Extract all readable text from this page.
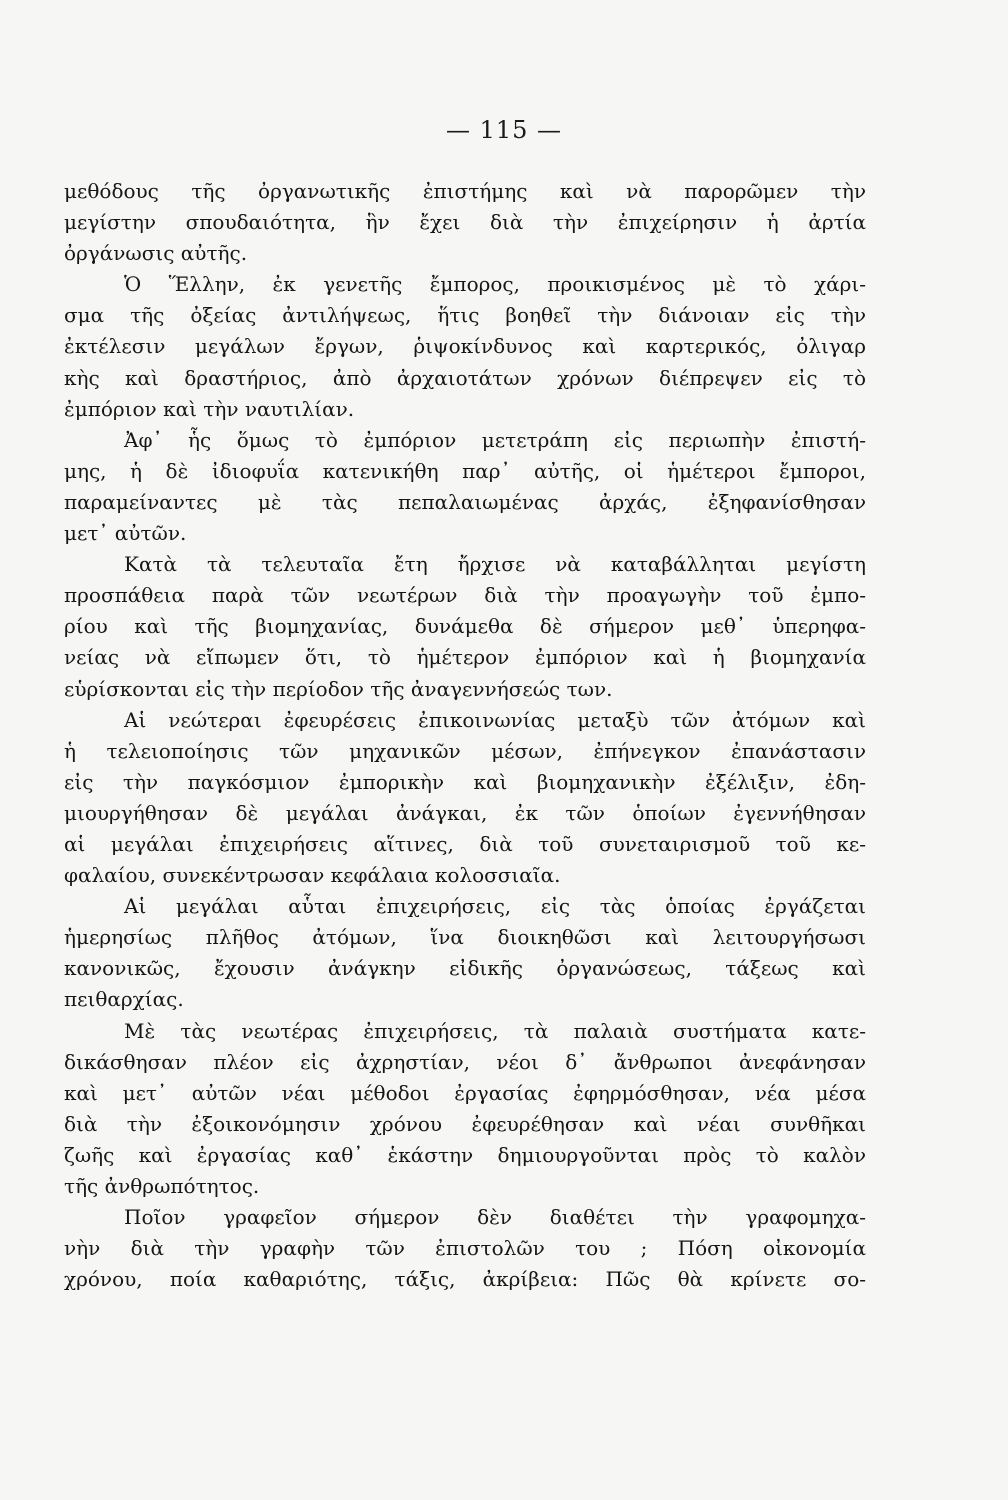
— 115 —
μεθόδους τῆς ὀργανωτικῆς ἐπιστήμης καὶ νὰ παρορῶμεν τὴν
μεγίστην σπουδαιότητα, ἣν ἔχει διὰ τὴν ἐπιχείρησιν ἡ ἀρτία
ὀργάνωσις αὐτῆς.
Ὁ Ἕλλην, ἐκ γενετῆς ἔμπορος, προικισμένος μὲ τὸ χάρι-
σμα τῆς ὀξείας ἀντιλήψεως, ἥτις βοηθεῖ τὴν διάνοιαν εἰς τὴν
ἐκτέλεσιν μεγάλων ἔργων, ῥιψοκίνδυνος καὶ καρτερικός, ὀλιγαρ
κὴς καὶ δραστήριος, ἀπὸ ἀρχαιοτάτων χρόνων διέπρεψεν εἰς τὸ
ἐμπόριον καὶ τὴν ναυτιλίαν.
Ἀφ᾽ ἧς ὅμως τὸ ἐμπόριον μετετράπη εἰς περιωπὴν ἐπιστή-
μης, ἡ δὲ ἰδιοφυΐα κατενικήθη παρ᾽ αὐτῆς, οἱ ἡμέτεροι ἔμποροι,
παραμείναντες μὲ τὰς πεπαλαιωμένας ἀρχάς, ἐξηφανίσθησαν
μετ᾽ αὐτῶν.
Κατὰ τὰ τελευταῖα ἔτη ἤρχισε νὰ καταβάλληται μεγίστη
προσπάθεια παρὰ τῶν νεωτέρων διὰ τὴν προαγωγὴν τοῦ ἐμπο-
ρίου καὶ τῆς βιομηχανίας, δυνάμεθα δὲ σήμερον μεθ᾽ ὑπερηφα-
νείας νὰ εἴπωμεν ὅτι, τὸ ἡμέτερον ἐμπόριον καὶ ἡ βιομηχανία
εὑρίσκονται εἰς τὴν περίοδον τῆς ἀναγεννήσεώς των.
Αἱ νεώτεραι ἐφευρέσεις ἐπικοινωνίας μεταξὺ τῶν ἀτόμων καὶ
ἡ τελειοποίησις τῶν μηχανικῶν μέσων, ἐπήνεγκον ἐπανάστασιν
εἰς τὴν παγκόσμιον ἐμπορικὴν καὶ βιομηχανικὴν ἐξέλιξιν, ἐδη-
μιουργήθησαν δὲ μεγάλαι ἀνάγκαι, ἐκ τῶν ὁποίων ἐγεννήθησαν
αἱ μεγάλαι ἐπιχειρήσεις αἵτινες, διὰ τοῦ συνεταιρισμοῦ τοῦ κε-
φαλαίου, συνεκέντρωσαν κεφάλαια κολοσσιαῖα.
Αἱ μεγάλαι αὗται ἐπιχειρήσεις, εἰς τὰς ὁποίας ἐργάζεται
ἡμερησίως πλῆθος ἀτόμων, ἵνα διοικηθῶσι καὶ λειτουργήσωσι
κανονικῶς, ἔχουσιν ἀνάγκην εἰδικῆς ὀργανώσεως, τάξεως καὶ
πειθαρχίας.
Μὲ τὰς νεωτέρας ἐπιχειρήσεις, τὰ παλαιὰ συστήματα κατε-
δικάσθησαν πλέον εἰς ἀχρηστίαν, νέοι δ᾽ ἄνθρωποι ἀνεφάνησαν
καὶ μετ᾽ αὐτῶν νέαι μέθοδοι ἐργασίας ἐφηρμόσθησαν, νέα μέσα
διὰ τὴν ἐξοικονόμησιν χρόνου ἐφευρέθησαν καὶ νέαι συνθῆκαι
ζωῆς καὶ ἐργασίας καθ᾽ ἑκάστην δημιουργοῦνται πρὸς τὸ καλὸν
τῆς ἀνθρωπότητος.
Ποῖον γραφεῖον σήμερον δὲν διαθέτει τὴν γραφομηχα-
νὴν διὰ τὴν γραφὴν τῶν ἐπιστολῶν του ; Πόση οἰκονομία
χρόνου, ποία καθαριότης, τάξις, ἀκρίβεια: Πῶς θὰ κρίνετε σο-
